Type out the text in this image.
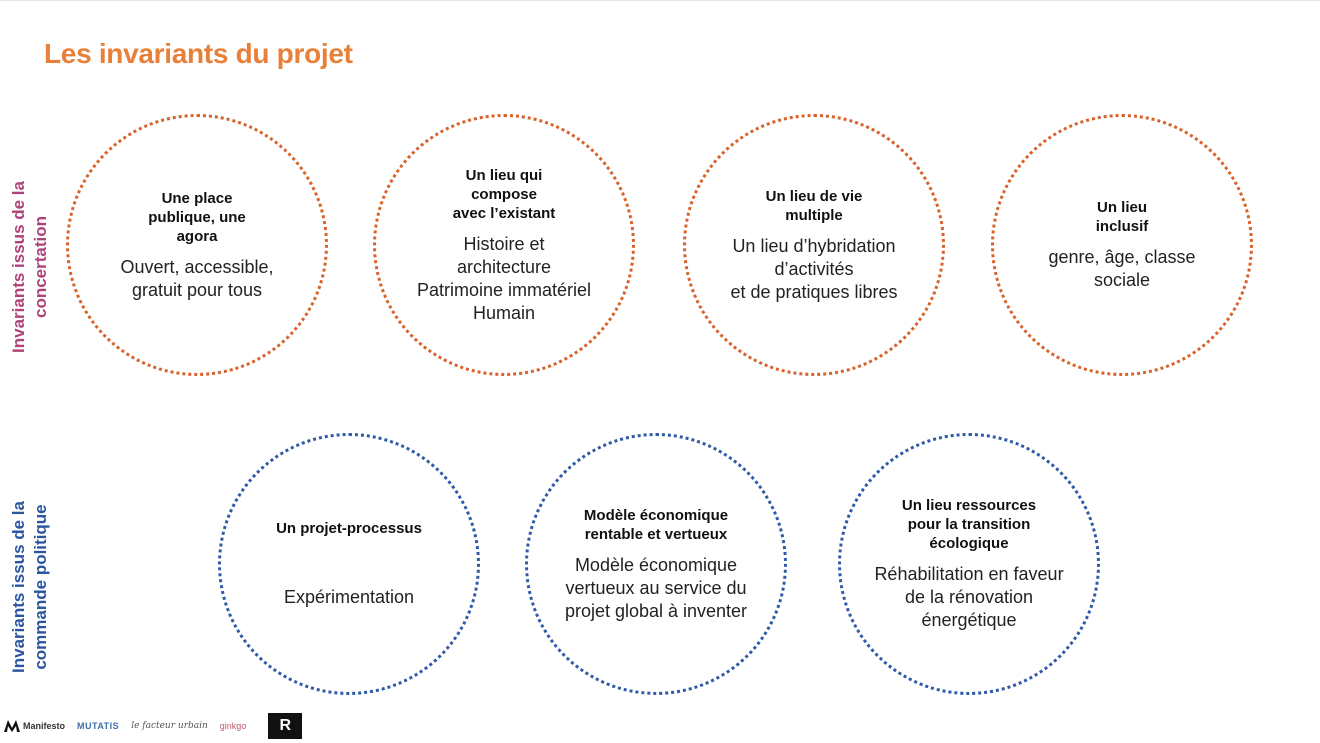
Les invariants du projet
Invariants issus de la
concertation
Invariants issus de la
commande politique
Une place
publique, une
agora
Ouvert, accessible,
gratuit pour tous
Un lieu qui
compose
avec l’existant
Histoire et
architecture
Patrimoine immatériel
Humain
Un lieu de vie
multiple
Un lieu d’hybridation
d’activités
et de pratiques libres
Un lieu
inclusif
genre, âge, classe
sociale
Un projet-processus
Expérimentation
Modèle économique
rentable et vertueux
Modèle économique
vertueux au service du
projet global à inventer
Un lieu ressources
pour la transition
écologique
Réhabilitation en faveur
de la rénovation
énergétique
Manifesto MUTATIS le facteur urbain ginkgo	R
